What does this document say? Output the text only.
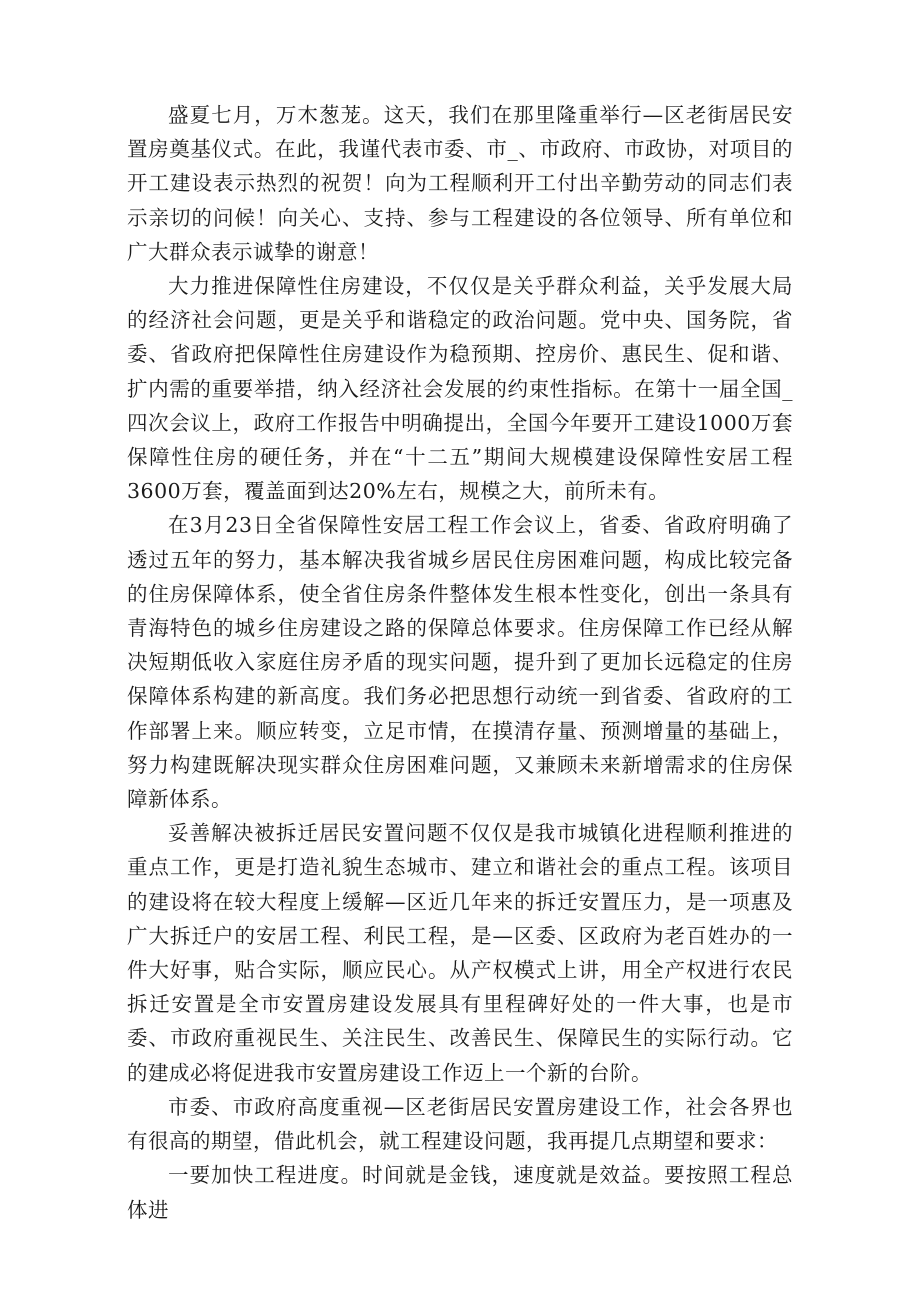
盛夏七月，万木葱茏。这天，我们在那里隆重举行—区老街居民安置房奠基仪式。在此，我谨代表市委、市_、市政府、市政协，对项目的开工建设表示热烈的祝贺！向为工程顺利开工付出辛勤劳动的同志们表示亲切的问候！向关心、支持、参与工程建设的各位领导、所有单位和广大群众表示诚挚的谢意！

大力推进保障性住房建设，不仅仅是关乎群众利益，关乎发展大局的经济社会问题，更是关乎和谐稳定的政治问题。党中央、国务院，省委、省政府把保障性住房建设作为稳预期、控房价、惠民生、促和谐、扩内需的重要举措，纳入经济社会发展的约束性指标。在第十一届全国_四次会议上，政府工作报告中明确提出，全国今年要开工建设1000万套保障性住房的硬任务，并在“十二五”期间大规模建设保障性安居工程3600万套，覆盖面到达20%左右，规模之大，前所未有。

在3月23日全省保障性安居工程工作会议上，省委、省政府明确了透过五年的努力，基本解决我省城乡居民住房困难问题，构成比较完备的住房保障体系，使全省住房条件整体发生根本性变化，创出一条具有青海特色的城乡住房建设之路的保障总体要求。住房保障工作已经从解决短期低收入家庭住房矛盾的现实问题，提升到了更加长远稳定的住房保障体系构建的新高度。我们务必把思想行动统一到省委、省政府的工作部署上来。顺应转变，立足市情，在摸清存量、预测增量的基础上，努力构建既解决现实群众住房困难问题，又兼顾未来新增需求的住房保障新体系。

妥善解决被拆迁居民安置问题不仅仅是我市城镇化进程顺利推进的重点工作，更是打造礼貌生态城市、建立和谐社会的重点工程。该项目的建设将在较大程度上缓解—区近几年来的拆迁安置压力，是一项惠及广大拆迁户的安居工程、利民工程，是—区委、区政府为老百姓办的一件大好事，贴合实际，顺应民心。从产权模式上讲，用全产权进行农民拆迁安置是全市安置房建设发展具有里程碑好处的一件大事，也是市委、市政府重视民生、关注民生、改善民生、保障民生的实际行动。它的建成必将促进我市安置房建设工作迈上一个新的台阶。

市委、市政府高度重视—区老街居民安置房建设工作，社会各界也有很高的期望，借此机会，就工程建设问题，我再提几点期望和要求：

一要加快工程进度。时间就是金钱，速度就是效益。要按照工程总体进
